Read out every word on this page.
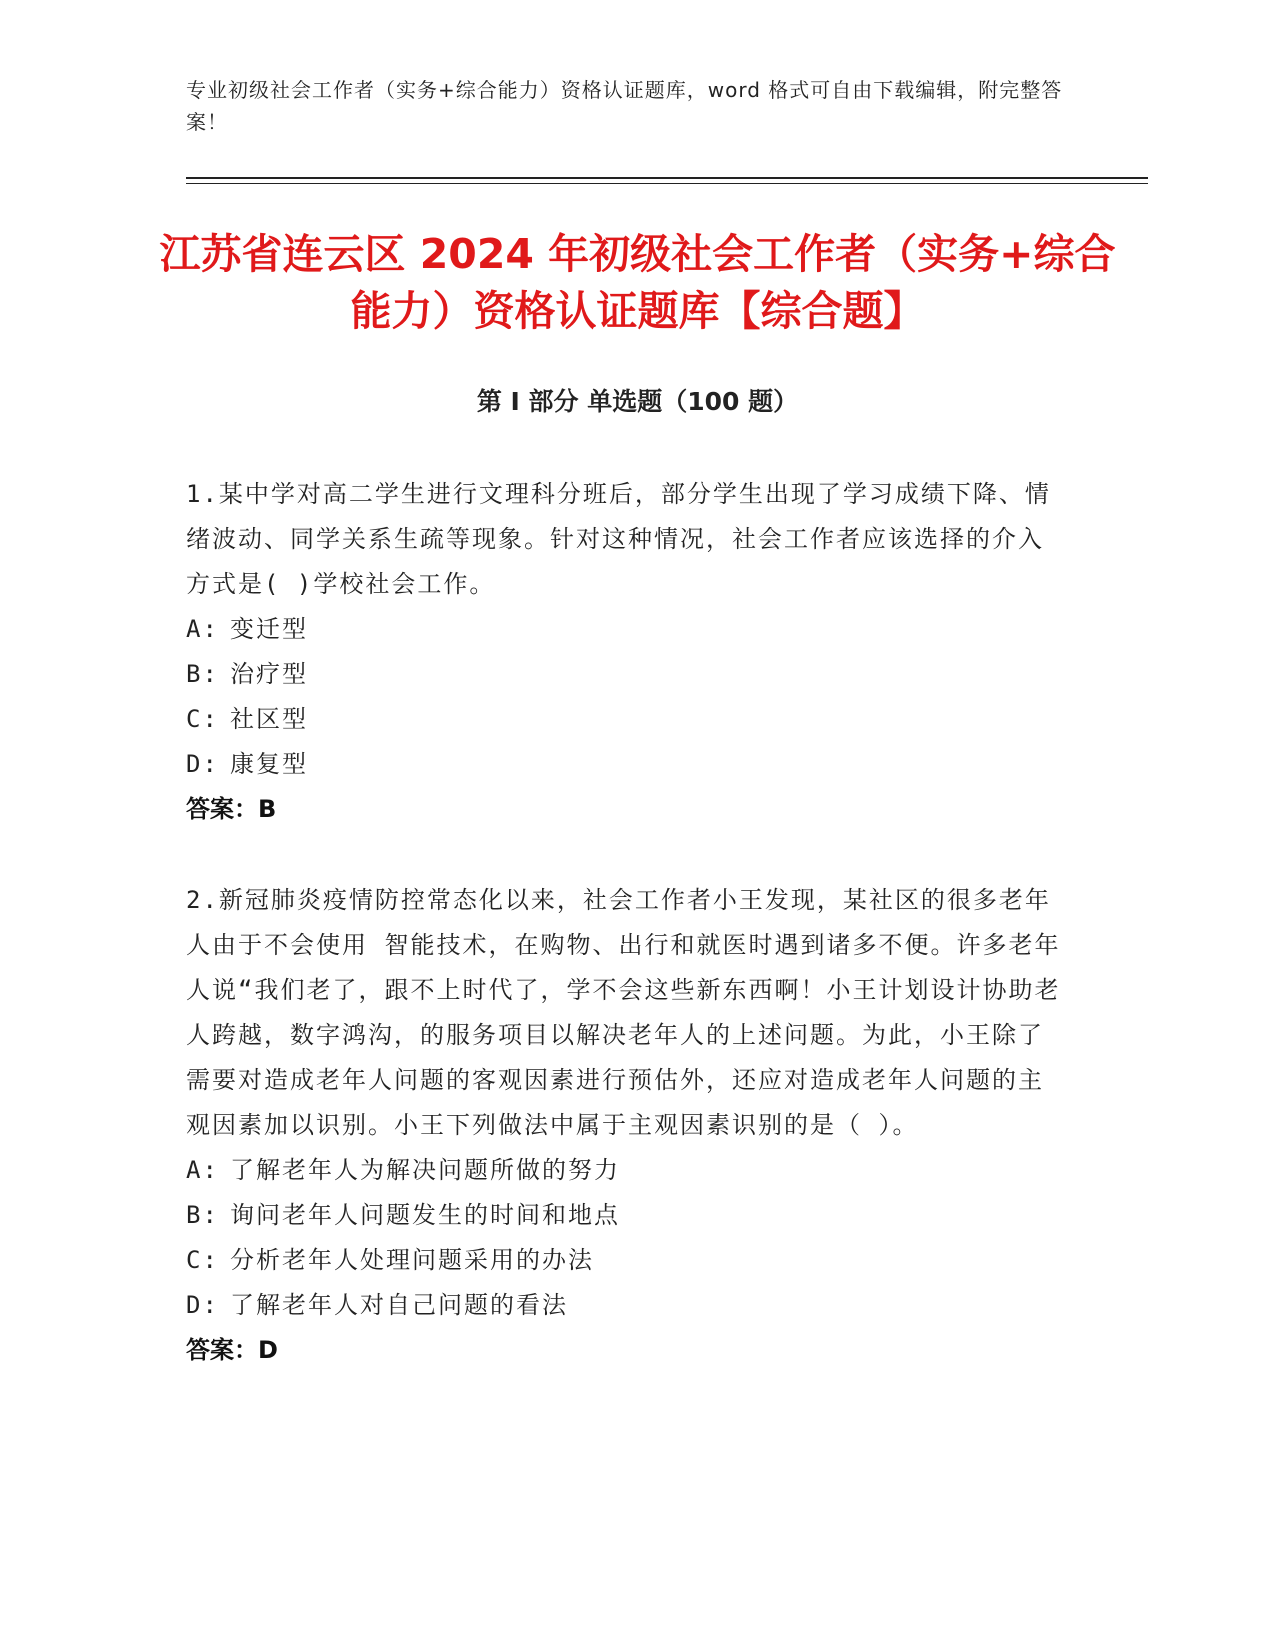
专业初级社会工作者（实务+综合能力）资格认证题库，word 格式可自由下载编辑，附完整答案！
江苏省连云区 2024 年初级社会工作者（实务+综合能力）资格认证题库【综合题】
第 I 部分 单选题（100 题）

1.某中学对高二学生进行文理科分班后，部分学生出现了学习成绩下降、情绪波动、同学关系生疏等现象。针对这种情况，社会工作者应该选择的介入方式是( )学校社会工作。

A: 变迁型
B: 治疗型
C: 社区型
D: 康复型
答案：B

2.新冠肺炎疫情防控常态化以来，社会工作者小王发现，某社区的很多老年人由于不会使用 智能技术，在购物、出行和就医时遇到诸多不便。许多老年人说“我们老了，跟不上时代了，学不会这些新东西啊！小王计划设计协助老人跨越，数字鸿沟，的服务项目以解决老年人的上述问题。为此，小王除了需要对造成老年人问题的客观因素进行预估外，还应对造成老年人问题的主观因素加以识别。小王下列做法中属于主观因素识别的是（ ）。

A: 了解老年人为解决问题所做的努力
B: 询问老年人问题发生的时间和地点
C: 分析老年人处理问题采用的办法
D: 了解老年人对自己问题的看法
答案：D
